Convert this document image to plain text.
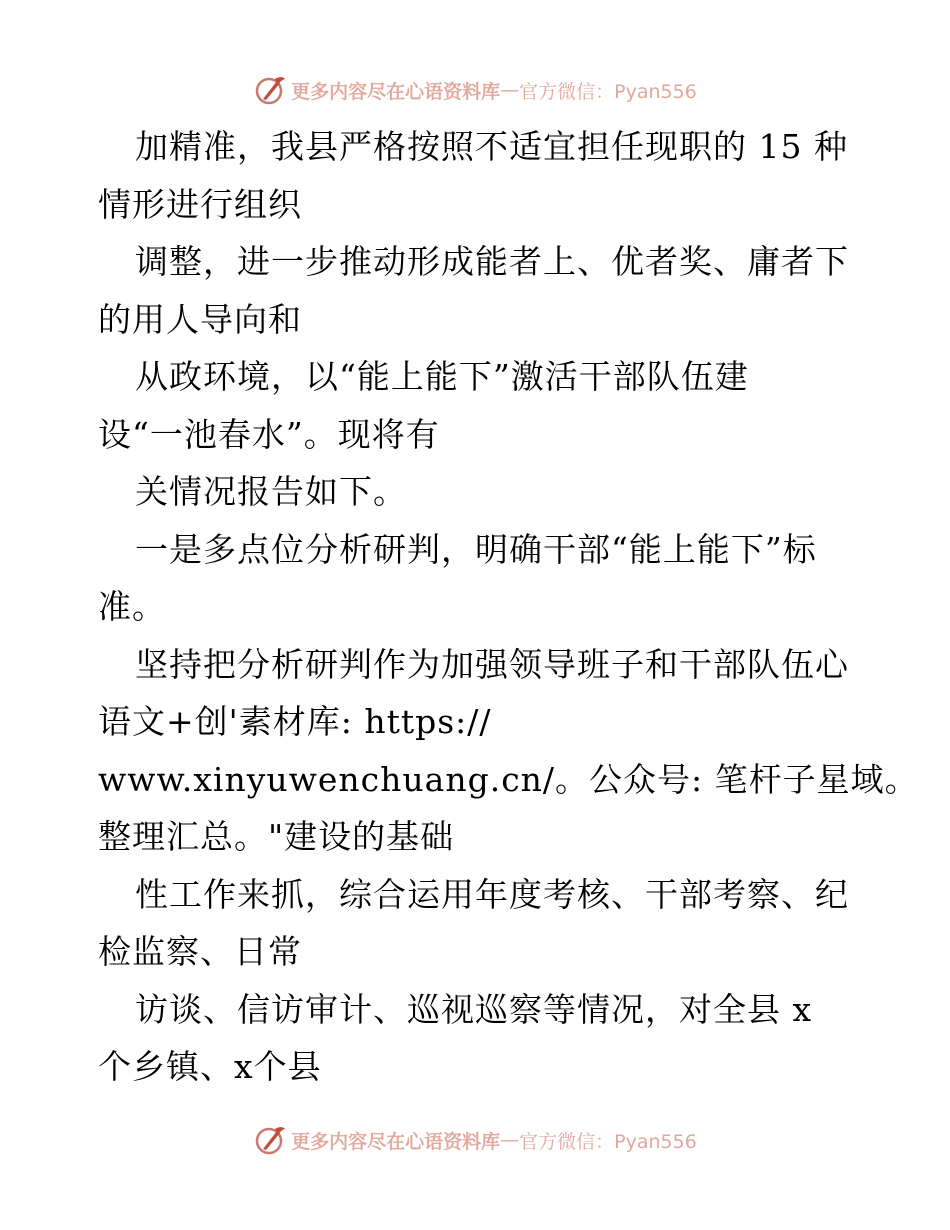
更多内容尽在心语资料库 — 官方微信：Pyan556
加精准，我县严格按照不适宜担任现职的 15 种
情形进行组织
调整，进一步推动形成能者上、优者奖、庸者下
的用人导向和
从政环境，以“能上能下”激活干部队伍建
设“一池春水”。现将有
关情况报告如下。
一是多点位分析研判，明确干部“能上能下”标
准。
坚持把分析研判作为加强领导班子和干部队伍心
语文+创'素材库: https://
www.xinyuwenchuang.cn/。公众号: 笔杆子星域。
整理汇总。"建设的基础
性工作来抓，综合运用年度考核、干部考察、纪
检监察、日常
访谈、信访审计、巡视巡察等情况，对全县 x
个乡镇、x个县
更多内容尽在心语资料库 — 官方微信：Pyan556
